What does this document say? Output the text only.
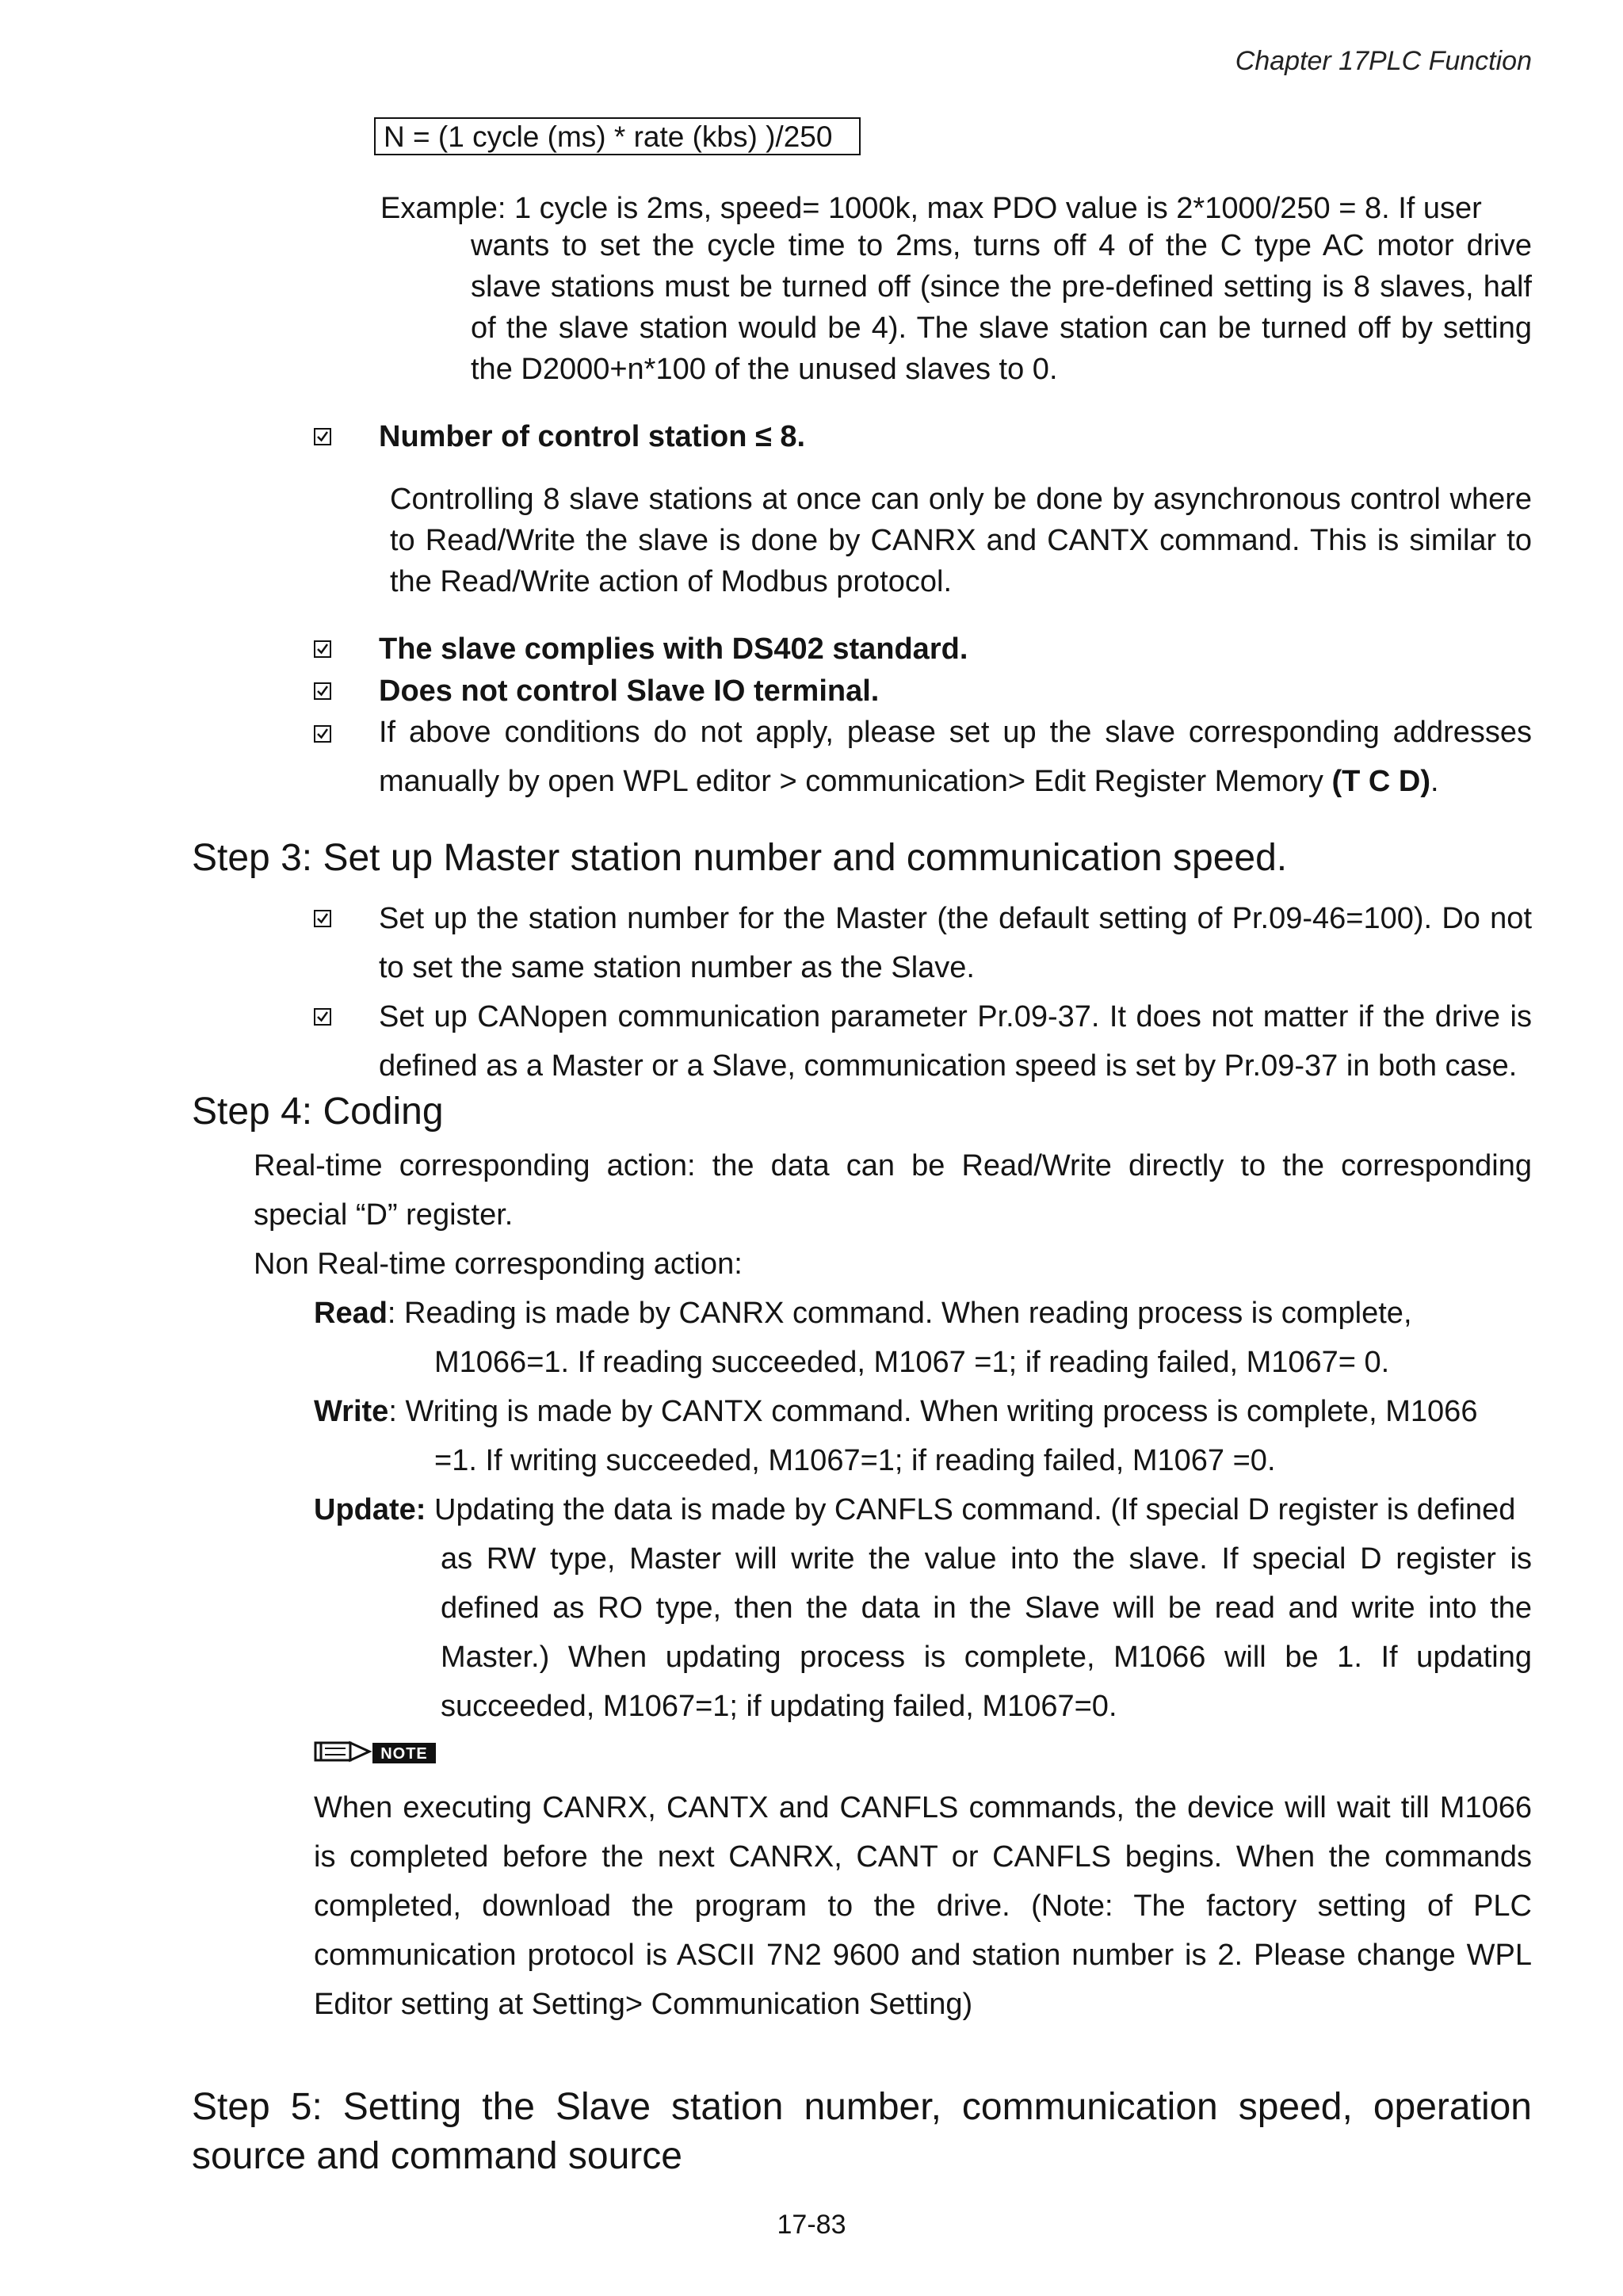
Chapter 17PLC Function
N = (1 cycle (ms) * rate (kbs) )/250

Example: 1 cycle is 2ms, speed= 1000k, max PDO value is 2*1000/250 = 8. If user

wants to set the cycle time to 2ms, turns off 4 of the C type AC motor drive slave stations must be turned off (since the pre-defined setting is 8 slaves, half of the slave station would be 4). The slave station can be turned off by setting the D2000+n*100 of the unused slaves to 0.

Number of control station ≤ 8.

Controlling 8 slave stations at once can only be done by asynchronous control where to Read/Write the slave is done by CANRX and CANTX command. This is similar to the Read/Write action of Modbus protocol.

The slave complies with DS402 standard.

Does not control Slave IO terminal.

If above conditions do not apply, please set up the slave corresponding addresses manually by open WPL editor > communication> Edit Register Memory (T C D).

Step 3: Set up Master station number and communication speed.

Set up the station number for the Master (the default setting of Pr.09-46=100). Do not to set the same station number as the Slave.

Set up CANopen communication parameter Pr.09-37. It does not matter if the drive is defined as a Master or a Slave, communication speed is set by Pr.09-37 in both case.

Step 4: Coding

Real-time corresponding action: the data can be Read/Write directly to the corresponding special “D” register.

Non Real-time corresponding action:

Read: Reading is made by CANRX command. When reading process is complete,

M1066=1. If reading succeeded, M1067 =1; if reading failed, M1067= 0.

Write: Writing is made by CANTX command. When writing process is complete, M1066

=1. If writing succeeded, M1067=1; if reading failed, M1067 =0.

Update: Updating the data is made by CANFLS command. (If special D register is defined

as RW type, Master will write the value into the slave. If special D register is defined as RO type, then the data in the Slave will be read and write into the Master.) When updating process is complete, M1066 will be 1. If updating succeeded, M1067=1; if updating failed, M1067=0.

NOTE

When executing CANRX, CANTX and CANFLS commands, the device will wait till M1066 is completed before the next CANRX, CANT or CANFLS begins. When the commands completed, download the program to the drive. (Note: The factory setting of PLC communication protocol is ASCII 7N2 9600 and station number is 2. Please change WPL Editor setting at Setting> Communication Setting)

Step 5: Setting the Slave station number, communication speed, operation source and command source

17-83
